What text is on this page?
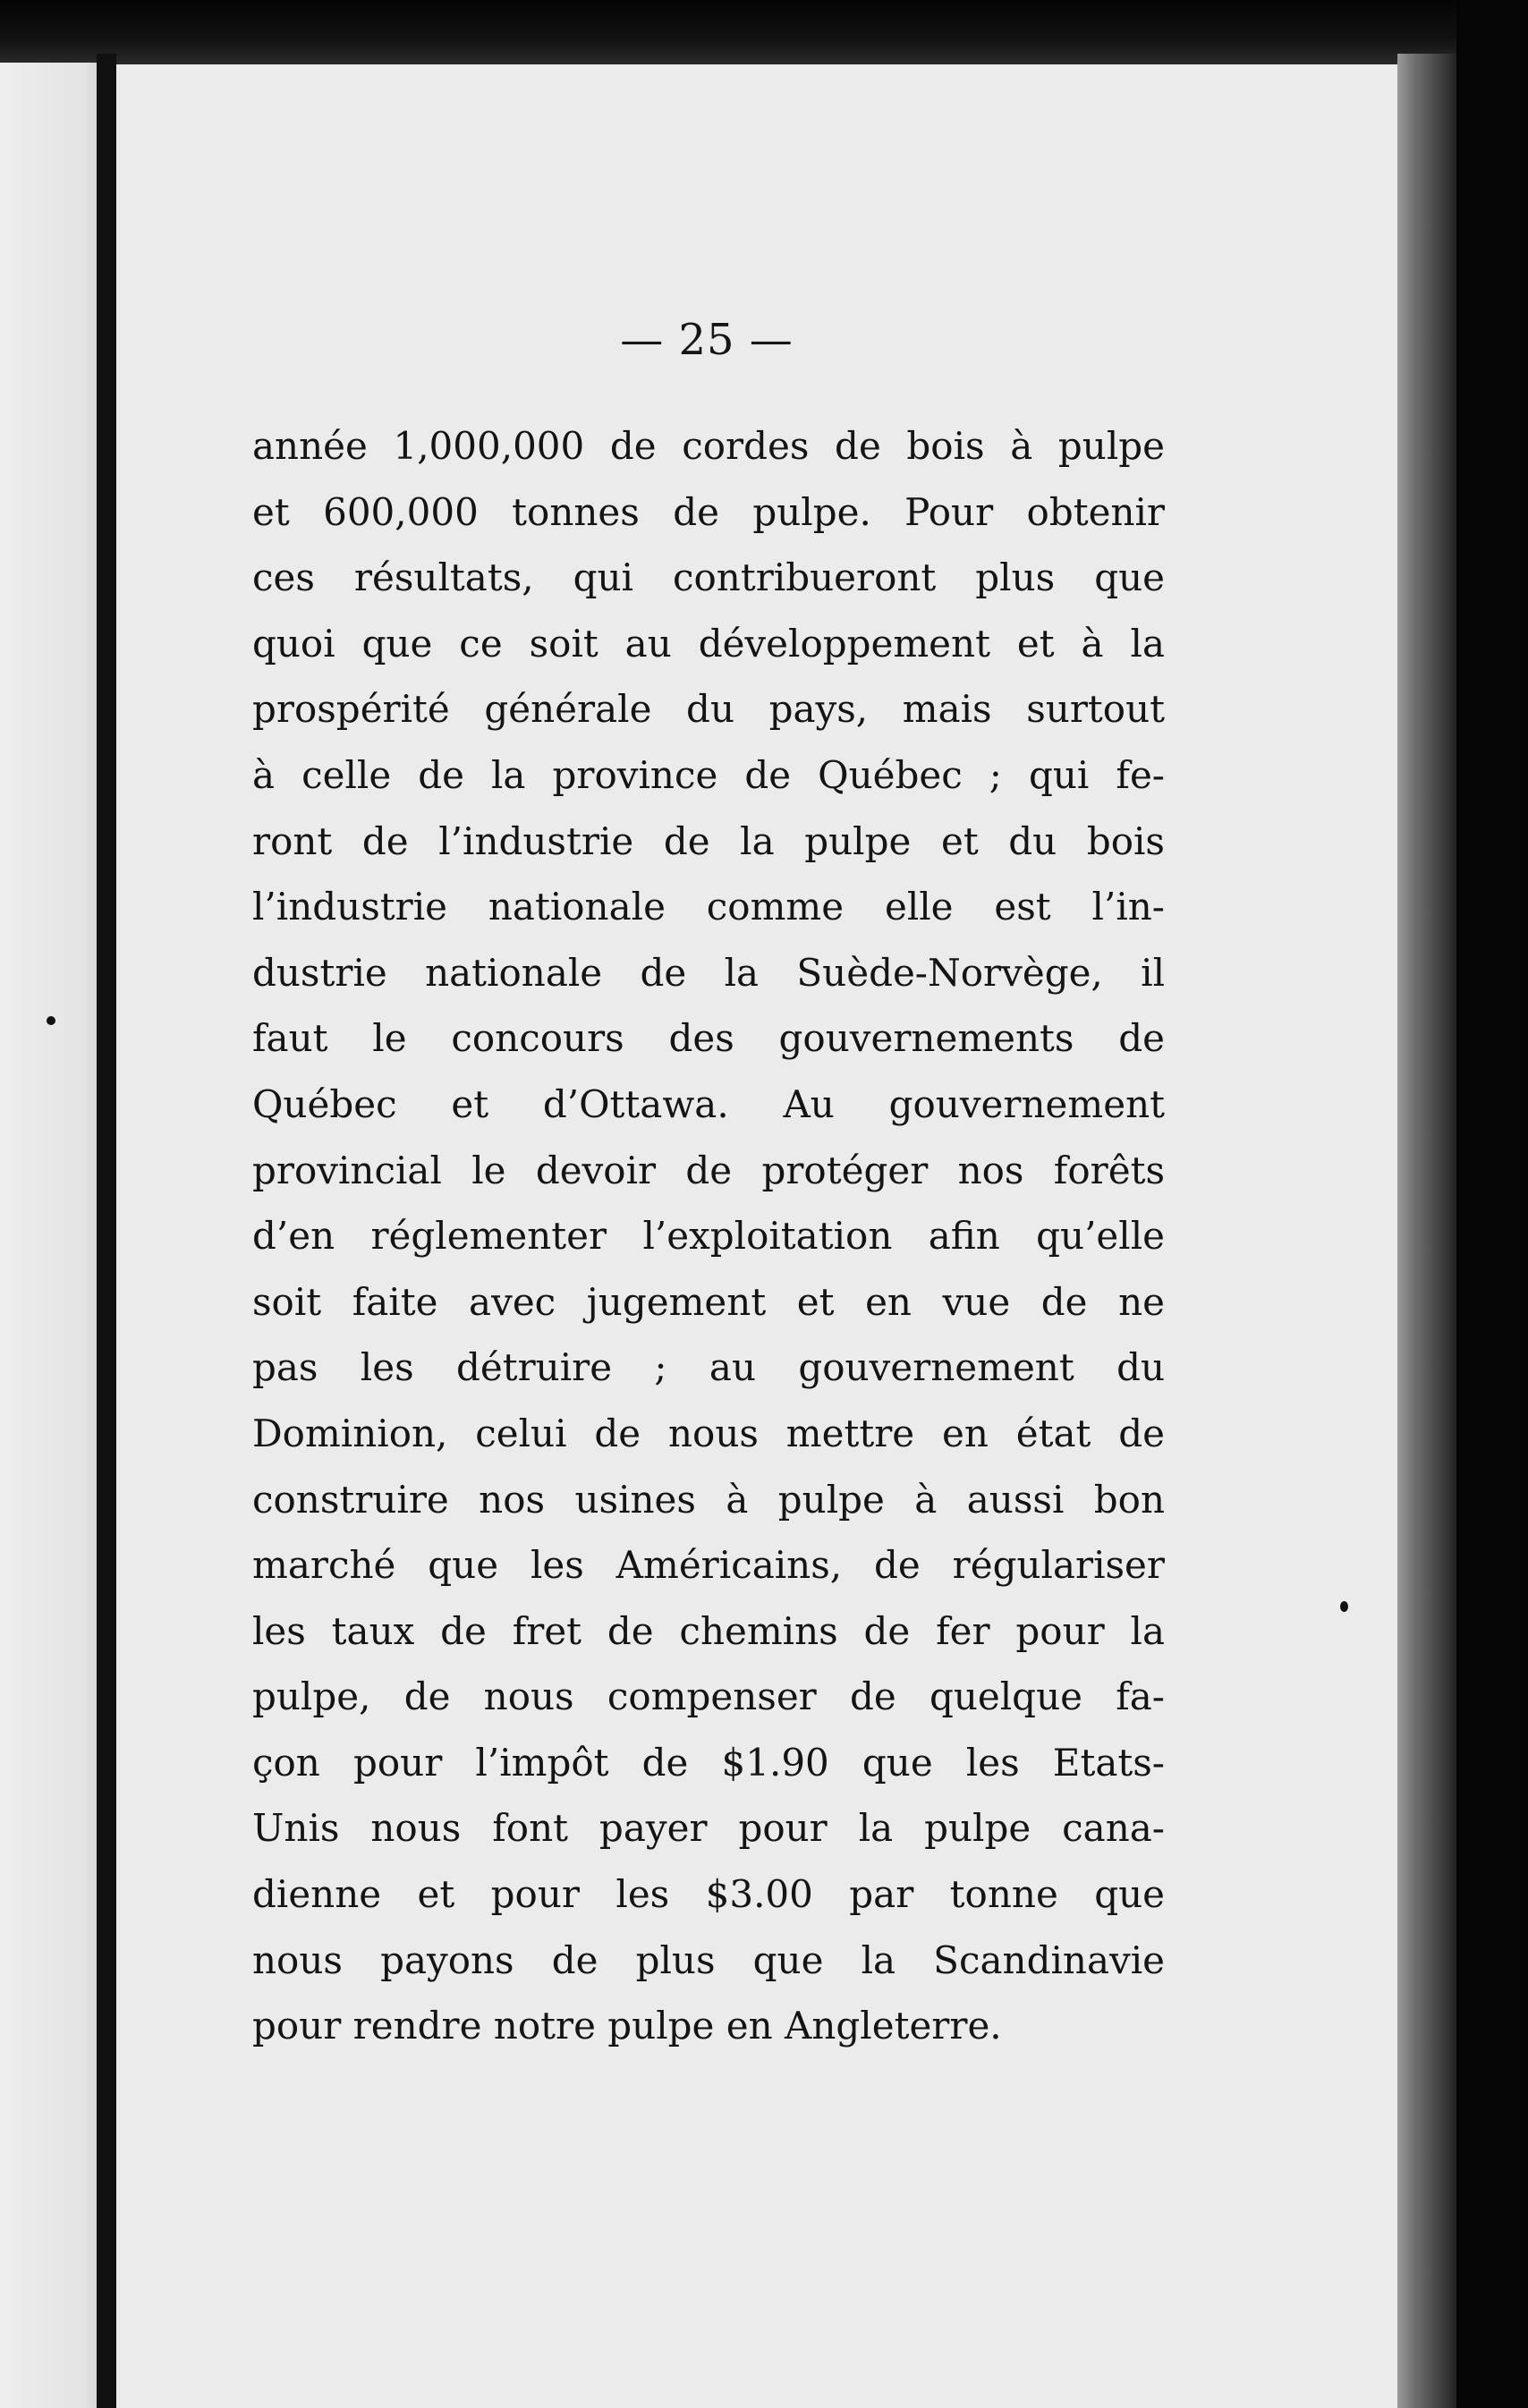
— 25 —
année 1,000,000 de cordes de bois à pulpe
et 600,000 tonnes de pulpe. Pour obtenir
ces résultats, qui contribueront plus que
quoi que ce soit au développement et à la
prospérité générale du pays, mais surtout
à celle de la province de Québec ; qui fe-
ront de l’industrie de la pulpe et du bois
l’industrie nationale comme elle est l’in-
dustrie nationale de la Suède-Norvège, il
faut le concours des gouvernements de
Québec et d’Ottawa. Au gouvernement
provincial le devoir de protéger nos forêts
d’en réglementer l’exploitation afin qu’elle
soit faite avec jugement et en vue de ne
pas les détruire ; au gouvernement du
Dominion, celui de nous mettre en état de
construire nos usines à pulpe à aussi bon
marché que les Américains, de régulariser
les taux de fret de chemins de fer pour la
pulpe, de nous compenser de quelque fa-
çon pour l’impôt de $1.90 que les Etats-
Unis nous font payer pour la pulpe cana-
dienne et pour les $3.00 par tonne que
nous payons de plus que la Scandinavie
pour rendre notre pulpe en Angleterre.
